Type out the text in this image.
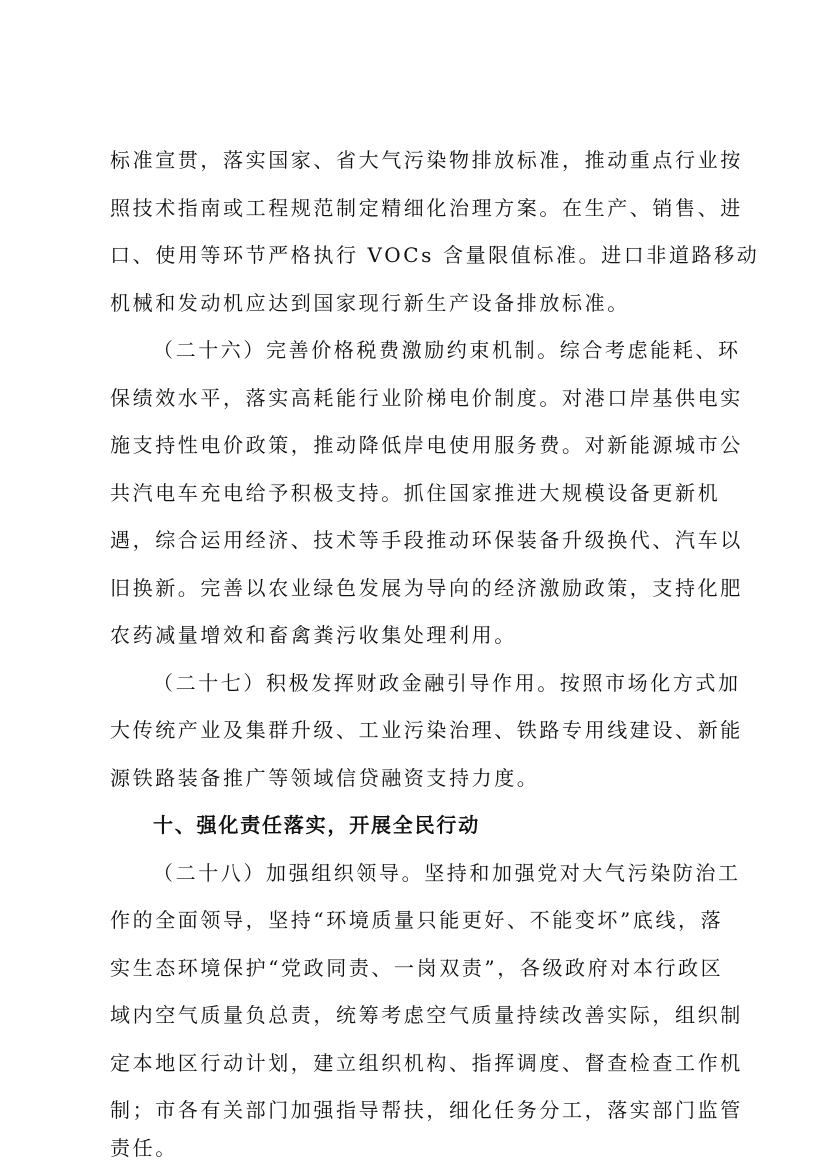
标准宣贯，落实国家、省大气污染物排放标准，推动重点行业按
照技术指南或工程规范制定精细化治理方案。在生产、销售、进
口、使用等环节严格执行 VOCs 含量限值标准。进口非道路移动
机械和发动机应达到国家现行新生产设备排放标准。
（二十六）完善价格税费激励约束机制。综合考虑能耗、环
保绩效水平，落实高耗能行业阶梯电价制度。对港口岸基供电实
施支持性电价政策，推动降低岸电使用服务费。对新能源城市公
共汽电车充电给予积极支持。抓住国家推进大规模设备更新机
遇，综合运用经济、技术等手段推动环保装备升级换代、汽车以
旧换新。完善以农业绿色发展为导向的经济激励政策，支持化肥
农药减量增效和畜禽粪污收集处理利用。
（二十七）积极发挥财政金融引导作用。按照市场化方式加
大传统产业及集群升级、工业污染治理、铁路专用线建设、新能
源铁路装备推广等领域信贷融资支持力度。
十、强化责任落实，开展全民行动
（二十八）加强组织领导。坚持和加强党对大气污染防治工
作的全面领导，坚持“环境质量只能更好、不能变坏”底线，落
实生态环境保护“党政同责、一岗双责”，各级政府对本行政区
域内空气质量负总责，统筹考虑空气质量持续改善实际，组织制
定本地区行动计划，建立组织机构、指挥调度、督查检查工作机
制；市各有关部门加强指导帮扶，细化任务分工，落实部门监管
责任。
